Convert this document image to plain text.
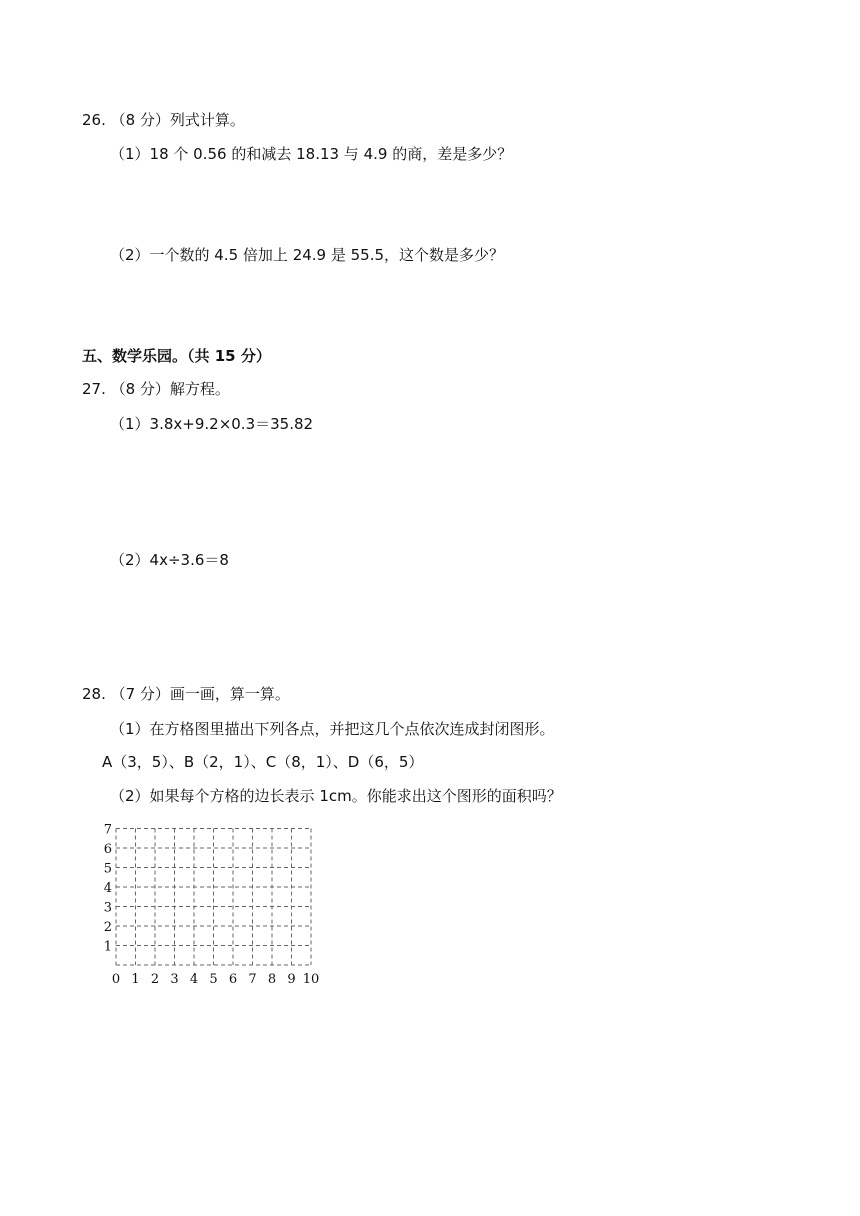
26. （8 分）列式计算。
（1）18 个 0.56 的和减去 18.13 与 4.9 的商，差是多少？
（2）一个数的 4.5 倍加上 24.9 是 55.5，这个数是多少？
五、数学乐园。（共 15 分）
27. （8 分）解方程。
（1）3.8x+9.2×0.3＝35.82
（2）4x÷3.6＝8
28. （7 分）画一画，算一算。
（1）在方格图里描出下列各点，并把这几个点依次连成封闭图形。
A（3，5）、B（2，1）、C（8，1）、D（6，5）
（2）如果每个方格的边长表示 1cm。你能求出这个图形的面积吗？
0 1 2 3 4 5 6 7 8 9 10
1
2
3
4
5
6
7
